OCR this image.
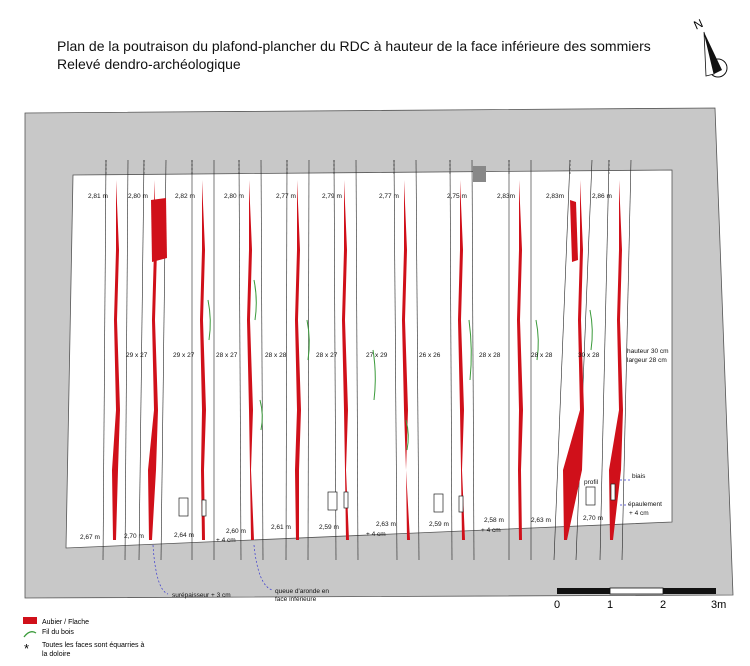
Plan de la poutraison du plafond-plancher du RDC à hauteur de la face inférieure des sommiers
Relevé dendro-archéologique
N
2,81 m	2,80 m	2,82 m	2,80 m	2,77 m	2,79 m	2,77 m	2,75 m	2,83m	2,83m	2,86 m
29 x 27	29 x 27	28 x 27	28 x 28	28 x 27	27 x 29	26 x 26	28 x 28	28 x 28	30 x 28
hauteur 30 cm
largeur 28 cm
2,67 m	2,70 m	2,64 m
2,60 m
2,61 m	2,59 m	2,63 m	2,59 m
2,58 m	2,63 m	2,70 m
+ 4 cm
+ 4 cm
+ 4 cm
profil
biais
épaulement
+ 4 cm
surépaisseur + 3 cm
queue d'aronde en
face inférieure	0	1	2	3m
Aubier / Flache
Fil du bois
* Toutes les faces sont équarries à
la doloire
